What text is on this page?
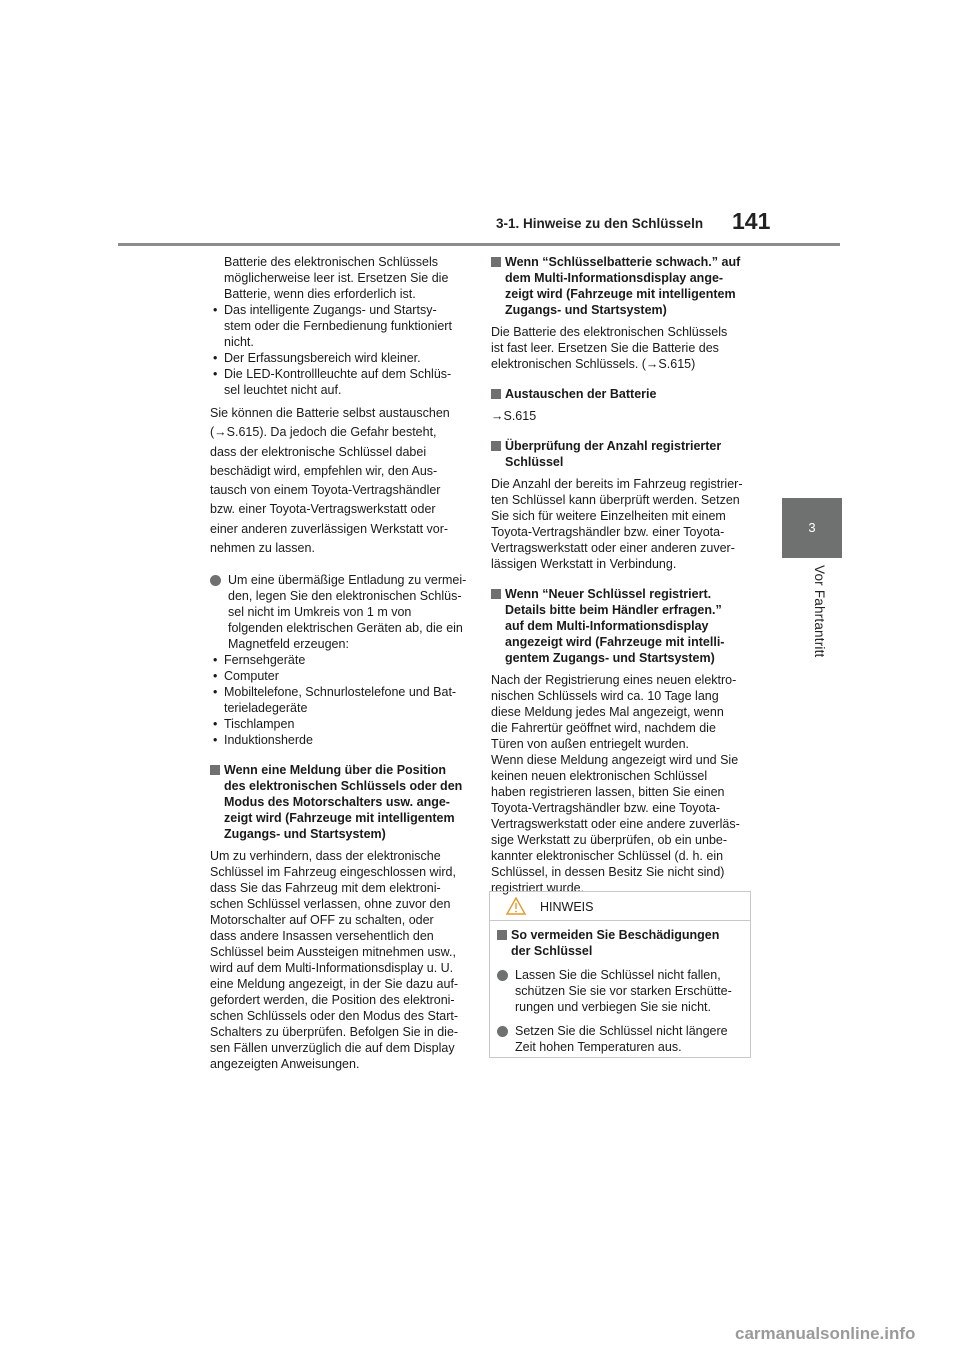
3-1. Hinweise zu den Schlüsseln 141
3
Vor Fahrtantritt

Batterie des elektronischen Schlüssels

möglicherweise leer ist. Ersetzen Sie die

Batterie, wenn dies erforderlich ist.

• Das intelligente Zugangs- und Startsy-

stem oder die Fernbedienung funktioniert

nicht.

• Der Erfassungsbereich wird kleiner.

• Die LED-Kontrollleuchte auf dem Schlüs-

sel leuchtet nicht auf.

Sie können die Batterie selbst austauschen

(→S.615). Da jedoch die Gefahr besteht,

dass der elektronische Schlüssel dabei

beschädigt wird, empfehlen wir, den Aus-

tausch von einem Toyota-Vertragshändler

bzw. einer Toyota-Vertragswerkstatt oder

einer anderen zuverlässigen Werkstatt vor-

nehmen zu lassen.

Um eine übermäßige Entladung zu vermei-

den, legen Sie den elektronischen Schlüs-

sel nicht im Umkreis von 1 m von

folgenden elektrischen Geräten ab, die ein

Magnetfeld erzeugen:

• Fernsehgeräte

• Computer

• Mobiltelefone, Schnurlostelefone und Bat-

terieladegeräte

• Tischlampen

• Induktionsherde

Wenn eine Meldung über die Position

des elektronischen Schlüssels oder den

Modus des Motorschalters usw. ange-

zeigt wird (Fahrzeuge mit intelligentem

Zugangs- und Startsystem)

Um zu verhindern, dass der elektronische

Schlüssel im Fahrzeug eingeschlossen wird,

dass Sie das Fahrzeug mit dem elektroni-

schen Schlüssel verlassen, ohne zuvor den

Motorschalter auf OFF zu schalten, oder

dass andere Insassen versehentlich den

Schlüssel beim Aussteigen mitnehmen usw.,

wird auf dem Multi-Informationsdisplay u. U.

eine Meldung angezeigt, in der Sie dazu auf-

gefordert werden, die Position des elektroni-

schen Schlüssels oder den Modus des Start-

Schalters zu überprüfen. Befolgen Sie in die-

sen Fällen unverzüglich die auf dem Display

angezeigten Anweisungen.

Wenn “Schlüsselbatterie schwach.” auf

dem Multi-Informationsdisplay ange-

zeigt wird (Fahrzeuge mit intelligentem

Zugangs- und Startsystem)

Die Batterie des elektronischen Schlüssels

ist fast leer. Ersetzen Sie die Batterie des

elektronischen Schlüssels. (→S.615)

Austauschen der Batterie

→S.615

Überprüfung der Anzahl registrierter

Schlüssel

Die Anzahl der bereits im Fahrzeug registrier-

ten Schlüssel kann überprüft werden. Setzen

Sie sich für weitere Einzelheiten mit einem

Toyota-Vertragshändler bzw. einer Toyota-

Vertragswerkstatt oder einer anderen zuver-

lässigen Werkstatt in Verbindung.

Wenn “Neuer Schlüssel registriert.

Details bitte beim Händler erfragen.”

auf dem Multi-Informationsdisplay

angezeigt wird (Fahrzeuge mit intelli-

gentem Zugangs- und Startsystem)

Nach der Registrierung eines neuen elektro-

nischen Schlüssels wird ca. 10 Tage lang

diese Meldung jedes Mal angezeigt, wenn

die Fahrertür geöffnet wird, nachdem die

Türen von außen entriegelt wurden.

Wenn diese Meldung angezeigt wird und Sie

keinen neuen elektronischen Schlüssel

haben registrieren lassen, bitten Sie einen

Toyota-Vertragshändler bzw. eine Toyota-

Vertragswerkstatt oder eine andere zuverläs-

sige Werkstatt zu überprüfen, ob ein unbe-

kannter elektronischer Schlüssel (d. h. ein

Schlüssel, in dessen Besitz Sie nicht sind)

registriert wurde.

HINWEIS

So vermeiden Sie Beschädigungen

der Schlüssel

Lassen Sie die Schlüssel nicht fallen,

schützen Sie sie vor starken Erschütte-

rungen und verbiegen Sie sie nicht.

Setzen Sie die Schlüssel nicht längere

Zeit hohen Temperaturen aus.

carmanualsonline.info
